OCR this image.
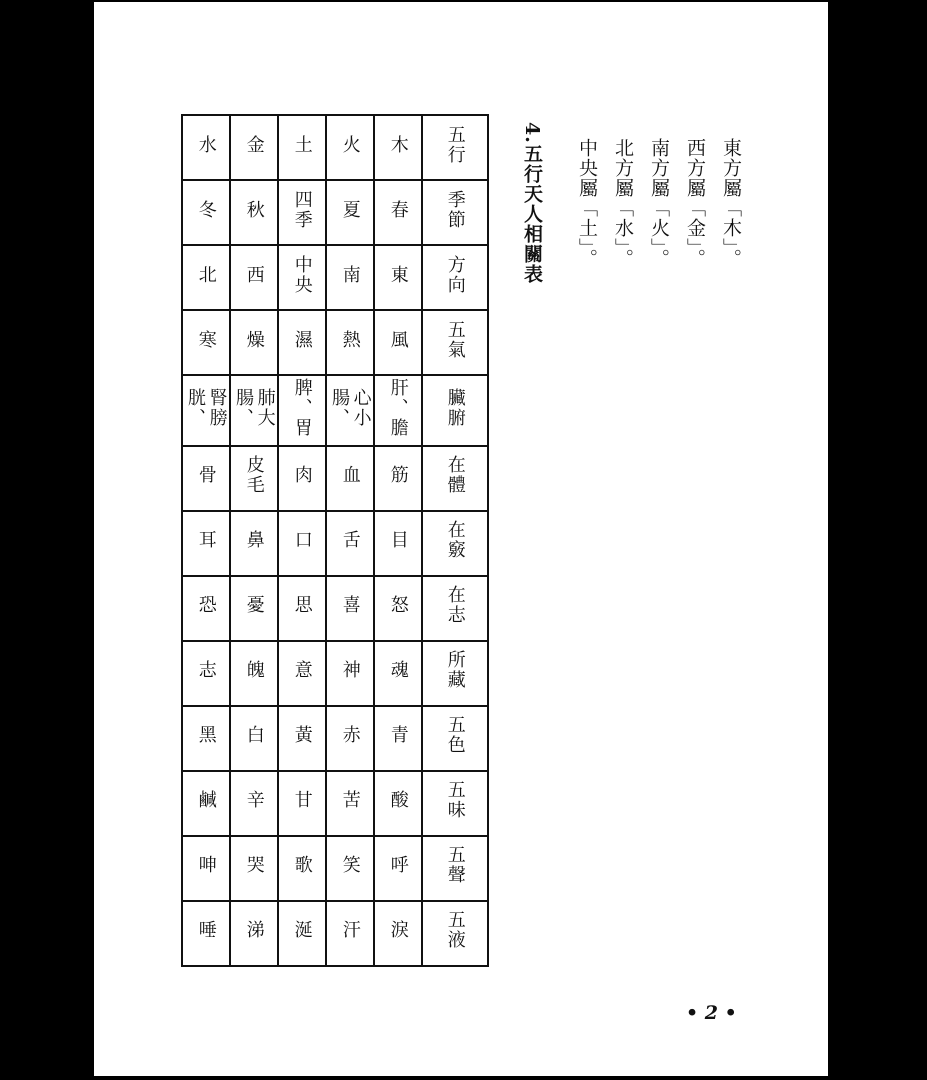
水	金	土	火	木	五行
冬	秋	四季	夏	春	季節
北	西	中央	南	東	方向
寒	燥	濕	熱	風	五氣
腎膀胱、	肺大腸、	脾、胃	心小腸、	肝、膽	臟腑
骨	皮毛	肉	血	筋	在體
耳	鼻	口	舌	目	在竅
恐	憂	思	喜	怒	在志
志	魄	意	神	魂	所藏
黑	白	黃	赤	青	五色
鹹	辛	甘	苦	酸	五味
呻	哭	歌	笑	呼	五聲
唾	涕	涎	汗	淚	五液
4.五行天人相關表	東方屬「木」。
西方屬「金」。
南方屬「火」。
北方屬「水」。
中央屬「土」。
• 2 •
